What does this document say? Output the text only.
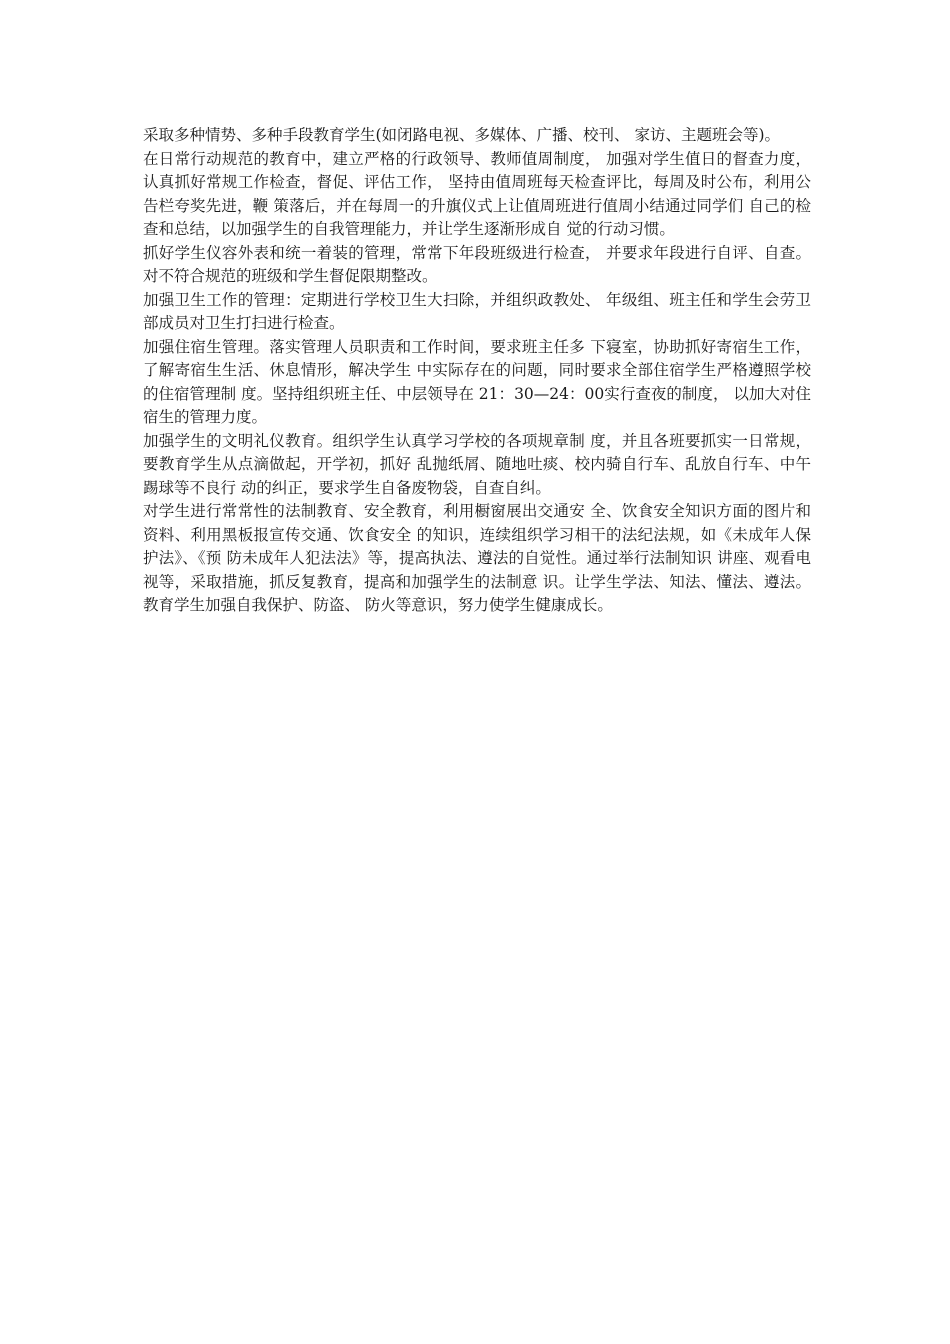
采取多种情势、多种手段教育学生(如闭路电视、多媒体、广播、校刊、 家访、主题班会等)。

在日常行动规范的教育中，建立严格的行政领导、教师值周制度， 加强对学生值日的督查力度，认真抓好常规工作检查，督促、评估工作， 坚持由值周班每天检查评比，每周及时公布，利用公告栏夸奖先进，鞭 策落后，并在每周一的升旗仪式上让值周班进行值周小结通过同学们 自己的检查和总结，以加强学生的自我管理能力，并让学生逐渐形成自 觉的行动习惯。

抓好学生仪容外表和统一着装的管理，常常下年段班级进行检查， 并要求年段进行自评、自查。对不符合规范的班级和学生督促限期整改。

加强卫生工作的管理：定期进行学校卫生大扫除，并组织政教处、 年级组、班主任和学生会劳卫部成员对卫生打扫进行检查。

加强住宿生管理。落实管理人员职责和工作时间，要求班主任多 下寝室，协助抓好寄宿生工作，了解寄宿生生活、休息情形，解决学生 中实际存在的问题，同时要求全部住宿学生严格遵照学校的住宿管理制 度。坚持组织班主任、中层领导在 21：30—24：00实行查夜的制度， 以加大对住宿生的管理力度。

加强学生的文明礼仪教育。组织学生认真学习学校的各项规章制 度，并且各班要抓实一日常规，要教育学生从点滴做起，开学初，抓好 乱抛纸屑、随地吐痰、校内骑自行车、乱放自行车、中午踢球等不良行 动的纠正，要求学生自备废物袋，自查自纠。

对学生进行常常性的法制教育、安全教育，利用橱窗展出交通安 全、饮食安全知识方面的图片和资料、利用黑板报宣传交通、饮食安全 的知识，连续组织学习相干的法纪法规，如《未成年人保护法》、《预 防未成年人犯法法》等，提高执法、遵法的自觉性。通过举行法制知识 讲座、观看电视等，采取措施，抓反复教育，提高和加强学生的法制意 识。让学生学法、知法、懂法、遵法。教育学生加强自我保护、防盗、 防火等意识，努力使学生健康成长。
